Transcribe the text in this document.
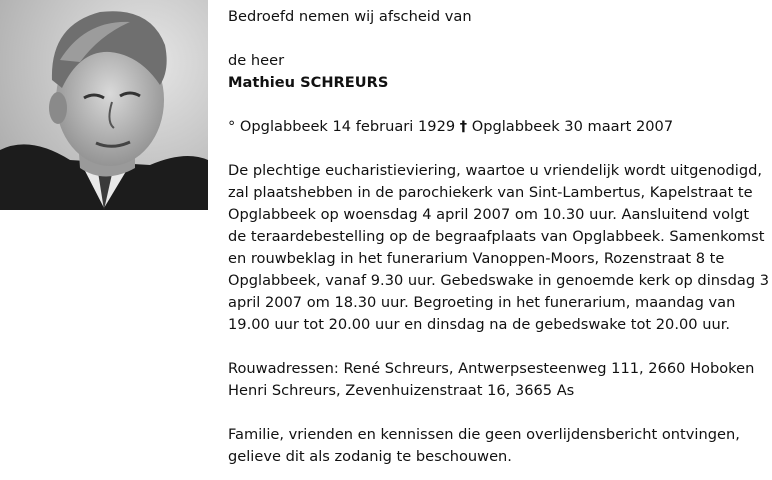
Bedroefd nemen wij afscheid van

de heer

Mathieu SCHREURS

° Opglabbeek 14 februari 1929 † Opglabbeek 30 maart 2007

De plechtige eucharistieviering, waartoe u vriendelijk wordt uitgenodigd,

zal plaatshebben in de parochiekerk van Sint-Lambertus, Kapelstraat te

Opglabbeek op woensdag 4 april 2007 om 10.30 uur. Aansluitend volgt

de teraardebestelling op de begraafplaats van Opglabbeek. Samenkomst

en rouwbeklag in het funerarium Vanoppen-Moors, Rozenstraat 8 te

Opglabbeek, vanaf 9.30 uur. Gebedswake in genoemde kerk op dinsdag 3

april 2007 om 18.30 uur. Begroeting in het funerarium, maandag van

19.00 uur tot 20.00 uur en dinsdag na de gebedswake tot 20.00 uur.

Rouwadressen: René Schreurs, Antwerpsesteenweg 111, 2660 Hoboken

Henri Schreurs, Zevenhuizenstraat 16, 3665 As

Familie, vrienden en kennissen die geen overlijdensbericht ontvingen,

gelieve dit als zodanig te beschouwen.
